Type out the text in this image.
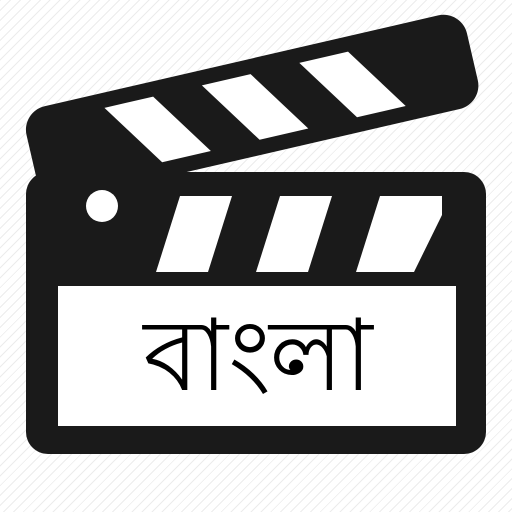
বাংলা
